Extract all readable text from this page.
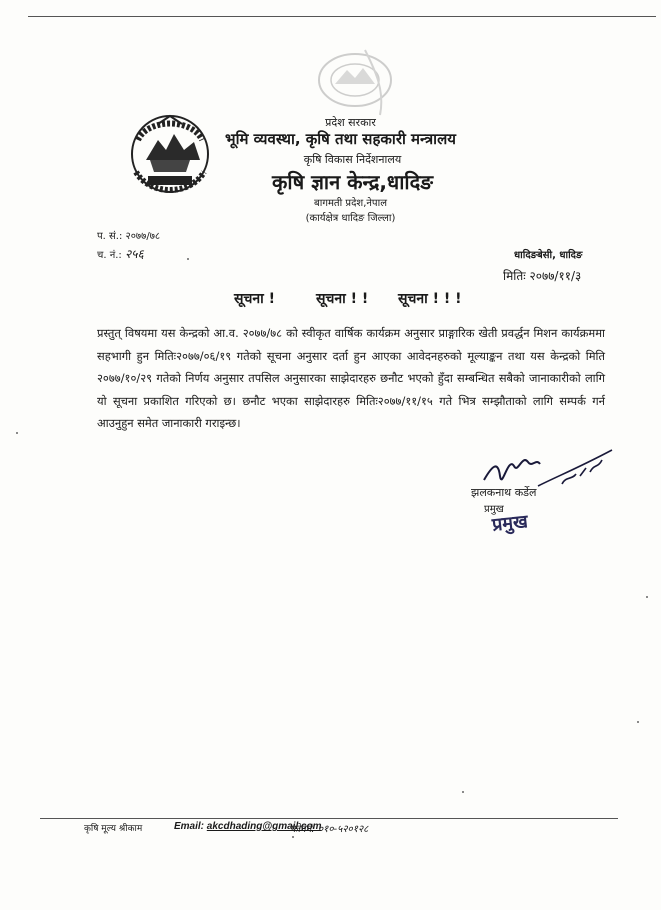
प्रदेश सरकार
भूमि व्यवस्था, कृषि तथा सहकारी मन्त्रालय
कृषि विकास निर्देशनालय
कृषि ज्ञान केन्द्र,धादिङ
बागमती प्रदेश,नेपाल
(कार्यक्षेत्र धादिङ जिल्ला)
प. सं.: २०७७/७८
च. नं.: २५६	धादिङबेसी, धादिङ
मितिः २०७७/११/३
सूचना !	सूचना ! ! सूचना ! ! !
प्रस्तुत् विषयमा यस केन्द्रको आ.व. २०७७/७८ को स्वीकृत वार्षिक कार्यक्रम अनुसार प्राङ्गारिक खेती प्रवर्द्धन मिशन कार्यक्रममा सहभागी हुन मितिः२०७७/०६/१९ गतेको सूचना अनुसार दर्ता हुन आएका आवेदनहरुको मूल्याङ्कन तथा यस केन्द्रको मिति २०७७/१०/२९ गतेको निर्णय अनुसार तपसिल अनुसारका साझेदारहरु छनौट भएको हुँदा सम्बन्धित सबैको जानाकारीको लागि यो सूचना प्रकाशित गरिएको छ। छनौट भएका साझेदारहरु मितिः२०७७/११/१५ गते भित्र सम्झौताको लागि सम्पर्क गर्न आउनुहुन समेत जानाकारी गराइन्छ।
झलकनाथ कर्डेल
प्रमुख
प्रमुख
कृषि मूल्य श्रीकाम	Email: akcdhading@gmail.com
फोननं: ०१०-५२०१२८
